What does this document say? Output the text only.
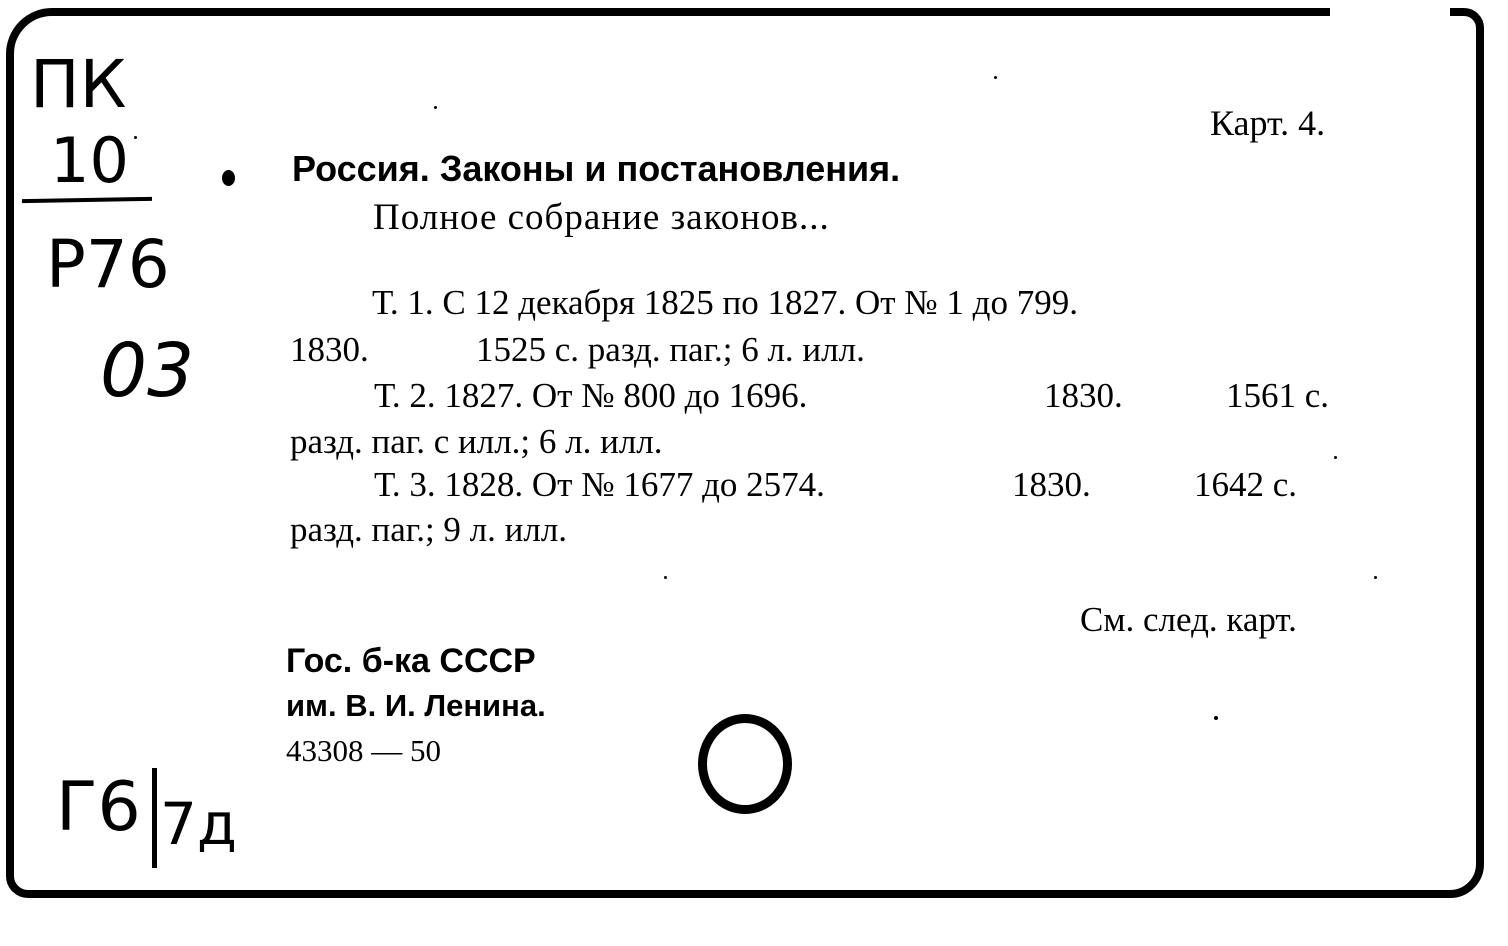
Карт. 4.
Россия. Законы и постановления.
Полное собрание законов...
Т. 1. С 12 декабря 1825 по 1827. От № 1 до 799.
1830.	1525 с. разд. паг.; 6 л. илл.
Т. 2. 1827. От № 800 до 1696.	1830.	1561 с.
разд. паг. с илл.; 6 л. илл.
Т. 3. 1828. От № 1677 до 2574.	1830.	1642 с.
разд. паг.; 9 л. илл.
См. след. карт.
Гос. б-ка СССР
им. В. И. Ленина.
43308 — 50
ПК
10
Р76
03
Г6 7д
